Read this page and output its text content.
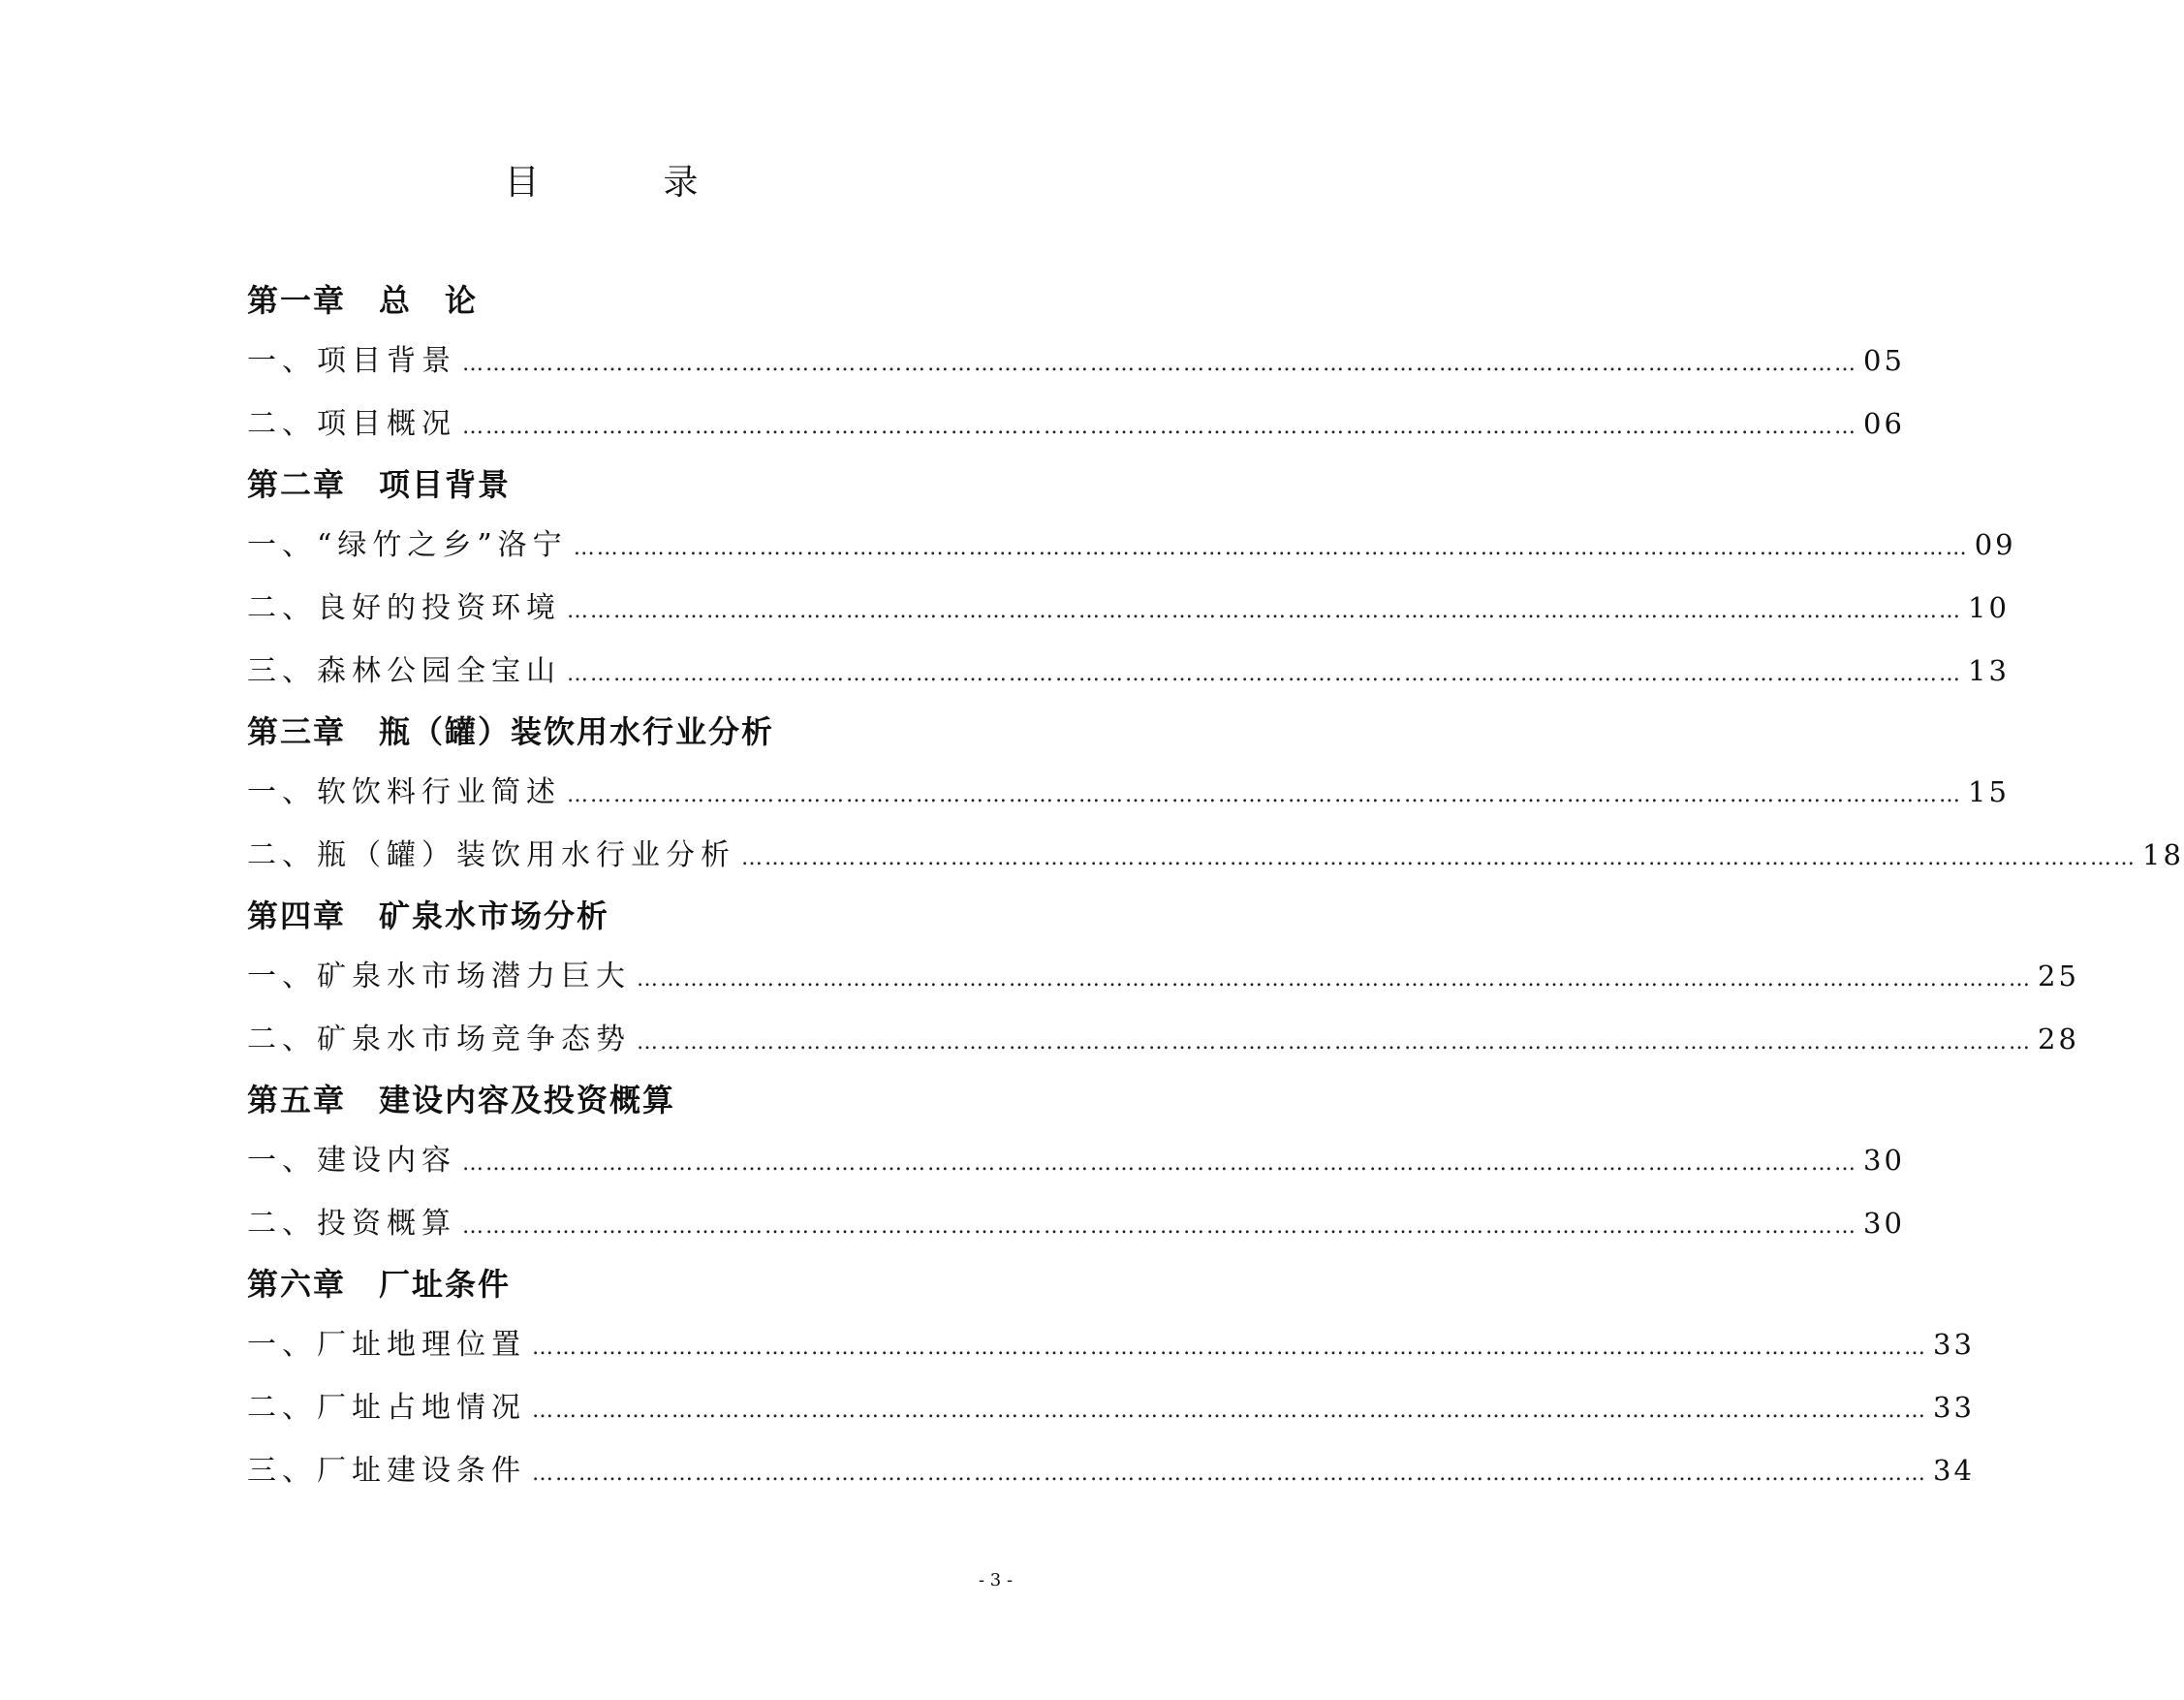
目　录
第一章　总　论
一、项目背景 ……………………………………………………………………………………………………………………………………………………………… 05
二、项目概况 ……………………………………………………………………………………………………………………………………………………………… 06
第二章　项目背景
一、“绿竹之乡”洛宁 ……………………………………………………………………………………………………………………………………………………………… 09
二、良好的投资环境 ……………………………………………………………………………………………………………………………………………………………… 10
三、森林公园全宝山 ……………………………………………………………………………………………………………………………………………………………… 13
第三章　瓶（罐）装饮用水行业分析
一、软饮料行业简述 ……………………………………………………………………………………………………………………………………………………………… 15
二、瓶（罐）装饮用水行业分析 ……………………………………………………………………………………………………………………………………………………………… 18
第四章　矿泉水市场分析
一、矿泉水市场潜力巨大 ……………………………………………………………………………………………………………………………………………………………… 25
二、矿泉水市场竞争态势 ……………………………………………………………………………………………………………………………………………………………… 28
第五章　建设内容及投资概算
一、建设内容 ……………………………………………………………………………………………………………………………………………………………… 30
二、投资概算 ……………………………………………………………………………………………………………………………………………………………… 30
第六章　厂址条件
一、厂址地理位置 ……………………………………………………………………………………………………………………………………………………………… 33
二、厂址占地情况 ……………………………………………………………………………………………………………………………………………………………… 33
三、厂址建设条件 ……………………………………………………………………………………………………………………………………………………………… 34
- 3 -
